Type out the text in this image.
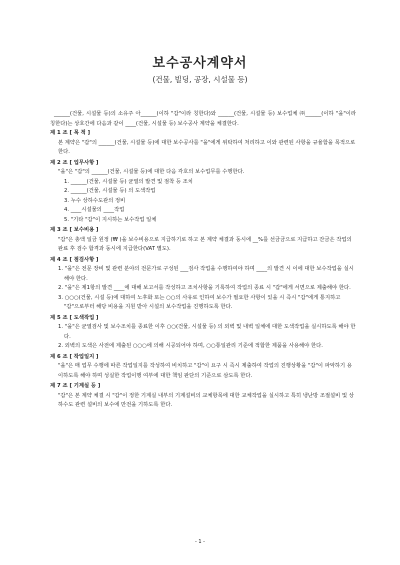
보수공사계약서
(건물, 빌딩, 공장, 시설물 등)

______(건물, 시설물 등)의 소유주 아______(이하 "갑"이라 칭한다)와 ______(건물, 시설물 등) 보수업체 ㈜______(이하 "을"이라 칭한다)는 상호간에 다음과 같이 ____(건물, 시설물 등) 보수공사 계약을 체결한다.

제 1 조 [ 목 적 ]

본 계약은 "갑"의 ______(건물, 시설물 등)에 대한 보수공사를 "을"에게 위탁하여 처리하고 이와 관련된 사항을 규율함을 목적으로 한다.

제 2 조 [ 업무사항 ]

"을"은 "갑"의 ______(건물, 시설물 등)에 대한 다음 각호의 보수업무를 수행한다.

1. ______(건물, 시설물 등) 균열의 발견 및 점착 등 조치

2. ______(건물, 시설물 등) 의 도색작업

3. 누수 상하수도관의 정비

4. ____시설물의 ____작업

5. "기타 "갑"이 지시하는 보수작업 일체

제 3 조 [ 보수비용 ]

"갑"은 총액 일금 원정 (₩ )을 보수비용으로 지급하기로 하고 본 계약 체결과 동시에 __%를 선금금으로 지급하고 잔금은 작업의 완료 후 검수 합격과 동시에 지급한다(VAT 별도).

제 4 조 [ 점검사항 ]

1. "을"은 전문 장비 및 관련 분야의 전문가로 구성된 ___검사 작업을 수행하여야 하며 ____의 발견 시 이에 대한 보수작업을 실시해야 한다.

2. "을"은 제1항의 발견 ____에 대해 보고서를 작성하고 조치사항을 기록하여 작업의 종료 시 "갑"에게 서면으로 제출해야 한다.

3. ○○○(건물, 시설 등)에 대하여 노후화 또는 ○○의 사유로 인하여 보수가 필요한 사항이 있을 시 즉시 "갑"에게 통지하고 "갑"으로부터 해당 비용을 지원 받아 시설의 보수작업을 진행하도록 한다.

제 5 조 [ 도색작업 ]

1. "을"은 균열검사 및 보수조치를 종료한 이후 ○○(건물, 시설물 등) 의 외벽 및 내벽 일체에 대한 도색작업을 실시하도록 해야 한다.

2. 외벽의 도색은 사전에 제출된 ○○○에 의해 시공되어야 하며, ○○통일관리 기준에 적합한 제품을 사용해야 한다.

제 6 조 [ 작업일지 ]

"을"은 매 업무 수행에 따른 작업일지를 작성하여 비치하고 "갑"이 요구 시 즉시 제출하여 작업의 진행상황을 "갑"이 파악하기 용이하도록 해야 하며 성실한 작업이행 여부에 대한 책임 판단의 기준으로 삼도록 한다.

제 7 조 [ 기계실 등 ]

"갑"은 본 계약 체결 시 "갑"이 정한 기계실 내부의 기계설비의 교체항목에 대한 교체작업을 실시하고 특히 냉난방 조절설비 및 상하수도 관련 설비의 보수에 만전을 기하도록 한다.

- 1 -
